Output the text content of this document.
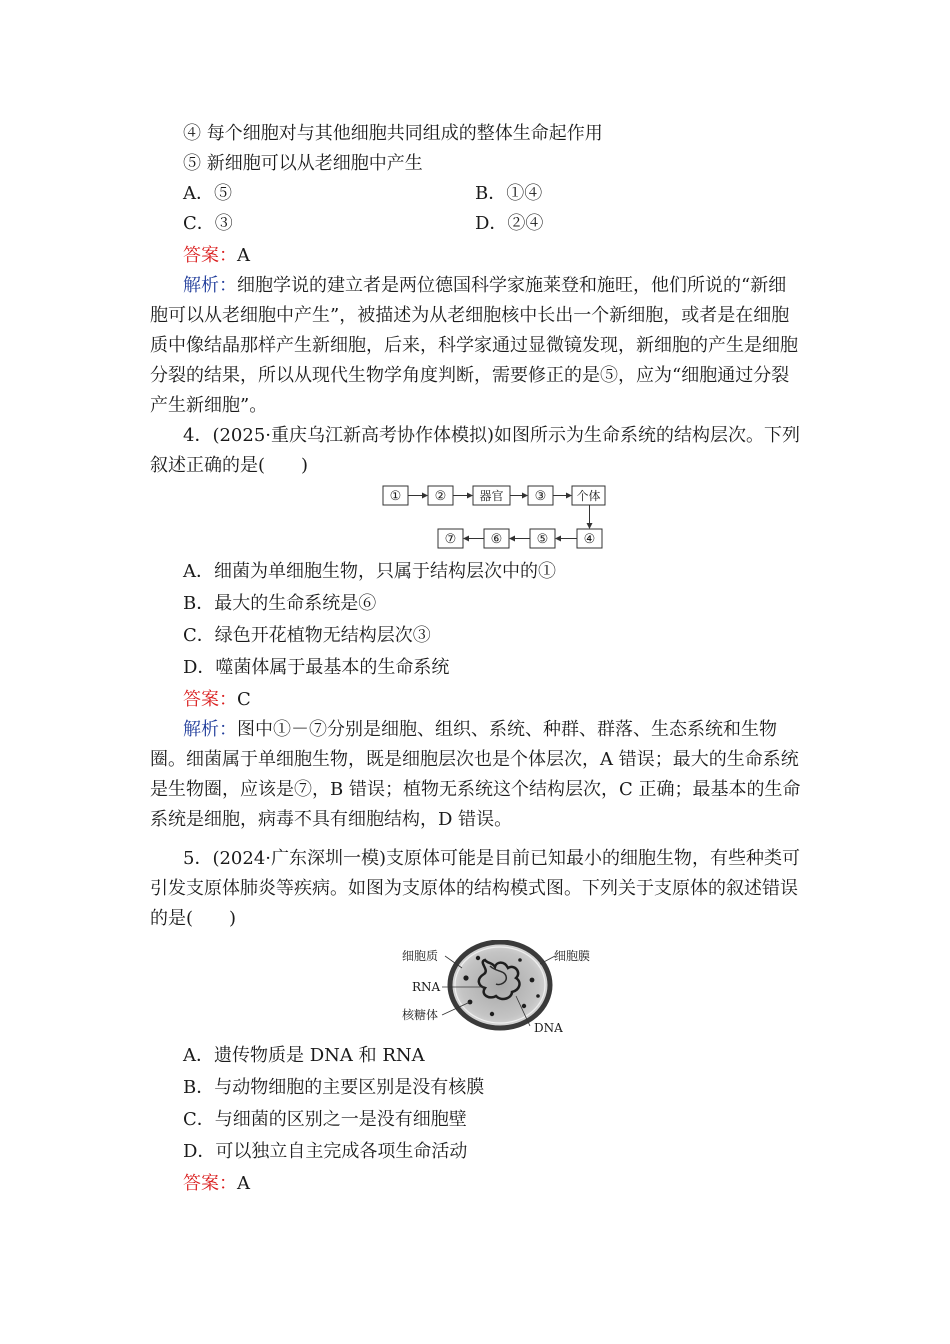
④ 每个细胞对与其他细胞共同组成的整体生命起作用
⑤ 新细胞可以从老细胞中产生
A．⑤	B．①④
C．③	D．②④
答案：A
解析：细胞学说的建立者是两位德国科学家施莱登和施旺，他们所说的“新细胞可以从老细胞中产生”，被描述为从老细胞核中长出一个新细胞，或者是在细胞质中像结晶那样产生新细胞，后来，科学家通过显微镜发现，新细胞的产生是细胞分裂的结果，所以从现代生物学角度判断，需要修正的是⑤，应为“细胞通过分裂产生新细胞”。
4．(2025·重庆乌江新高考协作体模拟)如图所示为生命系统的结构层次。下列叙述正确的是(　　)
①	②	器官 ③	个体
⑦	⑥	⑤	④
A．细菌为单细胞生物，只属于结构层次中的①
B．最大的生命系统是⑥
C．绿色开花植物无结构层次③
D．噬菌体属于最基本的生命系统
答案：C
解析：图中①－⑦分别是细胞、组织、系统、种群、群落、生态系统和生物圈。细菌属于单细胞生物，既是细胞层次也是个体层次，A 错误；最大的生命系统是生物圈，应该是⑦，B 错误；植物无系统这个结构层次，C 正确；最基本的生命系统是细胞，病毒不具有细胞结构，D 错误。
5．(2024·广东深圳一模)支原体可能是目前已知最小的细胞生物，有些种类可引发支原体肺炎等疾病。如图为支原体的结构模式图。下列关于支原体的叙述错误的是(　　)
细胞质	细胞膜
RNA
核糖体
DNA
A．遗传物质是 DNA 和 RNA
B．与动物细胞的主要区别是没有核膜
C．与细菌的区别之一是没有细胞壁
D．可以独立自主完成各项生命活动
答案：A
